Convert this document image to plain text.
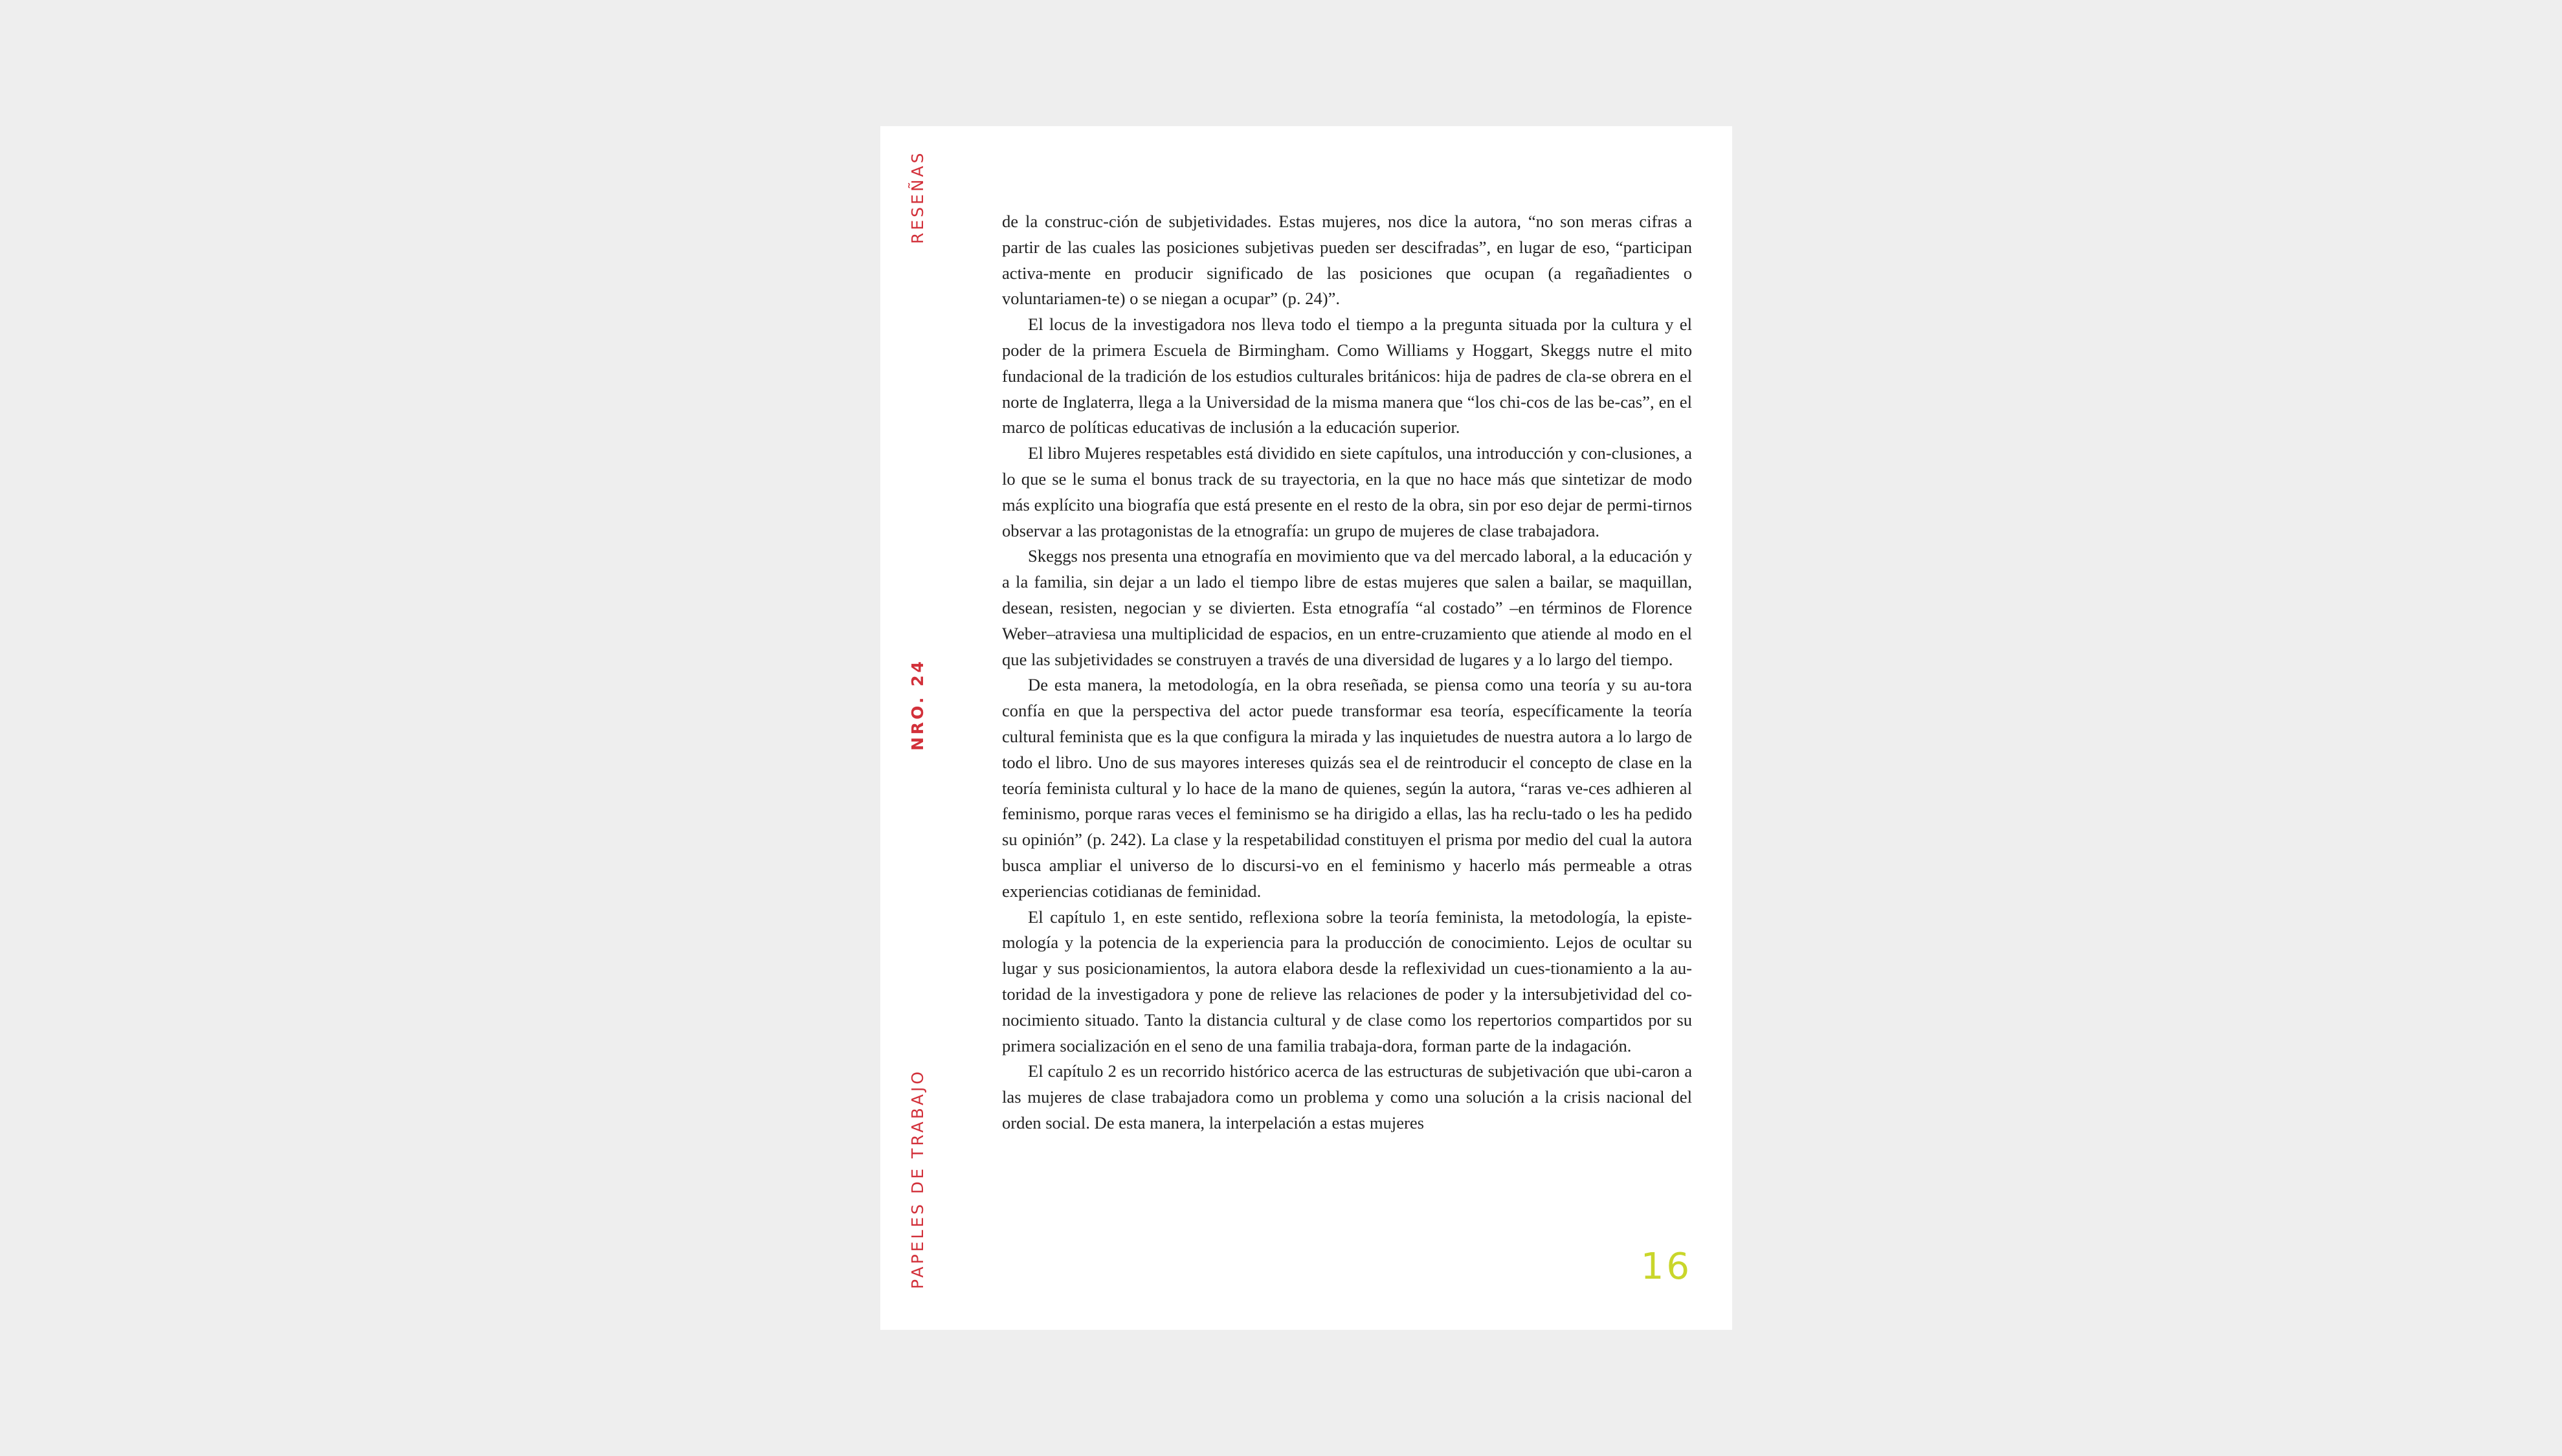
RESEÑAS
NRO. 24
PAPELES DE TRABAJO

de la construc-ción de subjetividades. Estas mujeres, nos dice la autora, “no son meras cifras a partir de las cuales las posiciones subjetivas pueden ser descifradas”, en lugar de eso, “participan activa-mente en producir significado de las posiciones que ocupan (a regañadientes o voluntariamen-te) o se niegan a ocupar” (p. 24)”.

El locus de la investigadora nos lleva todo el tiempo a la pregunta situada por la cultura y el poder de la primera Escuela de Birmingham. Como Williams y Hoggart, Skeggs nutre el mito fundacional de la tradición de los estudios culturales británicos: hija de padres de cla-se obrera en el norte de Inglaterra, llega a la Universidad de la misma manera que “los chi-cos de las be-cas”, en el marco de políticas educativas de inclusión a la educación superior.

El libro Mujeres respetables está dividido en siete capítulos, una introducción y con-clusiones, a lo que se le suma el bonus track de su trayectoria, en la que no hace más que sintetizar de modo más explícito una biografía que está presente en el resto de la obra, sin por eso dejar de permi-tirnos observar a las protagonistas de la etnografía: un grupo de mujeres de clase trabajadora.

Skeggs nos presenta una etnografía en movimiento que va del mercado laboral, a la educación y a la familia, sin dejar a un lado el tiempo libre de estas mujeres que salen a bailar, se maquillan, desean, resisten, negocian y se divierten. Esta etnografía “al costado” –en términos de Florence Weber–atraviesa una multiplicidad de espacios, en un entre-cruzamiento que atiende al modo en el que las subjetividades se construyen a través de una diversidad de lugares y a lo largo del tiempo.

De esta manera, la metodología, en la obra reseñada, se piensa como una teoría y su au-tora confía en que la perspectiva del actor puede transformar esa teoría, específicamente la teoría cultural feminista que es la que configura la mirada y las inquietudes de nuestra autora a lo largo de todo el libro. Uno de sus mayores intereses quizás sea el de reintroducir el concepto de clase en la teoría feminista cultural y lo hace de la mano de quienes, según la autora, “raras ve-ces adhieren al feminismo, porque raras veces el feminismo se ha dirigido a ellas, las ha reclu-tado o les ha pedido su opinión” (p. 242). La clase y la respetabilidad constituyen el prisma por medio del cual la autora busca ampliar el universo de lo discursi-vo en el feminismo y hacerlo más permeable a otras experiencias cotidianas de feminidad.

El capítulo 1, en este sentido, reflexiona sobre la teoría feminista, la metodología, la episte-mología y la potencia de la experiencia para la producción de conocimiento. Lejos de ocultar su lugar y sus posicionamientos, la autora elabora desde la reflexividad un cues-tionamiento a la au-toridad de la investigadora y pone de relieve las relaciones de poder y la intersubjetividad del co-nocimiento situado. Tanto la distancia cultural y de clase como los repertorios compartidos por su primera socialización en el seno de una familia trabaja-dora, forman parte de la indagación.

El capítulo 2 es un recorrido histórico acerca de las estructuras de subjetivación que ubi-caron a las mujeres de clase trabajadora como un problema y como una solución a la crisis nacional del orden social. De esta manera, la interpelación a estas mujeres

16
